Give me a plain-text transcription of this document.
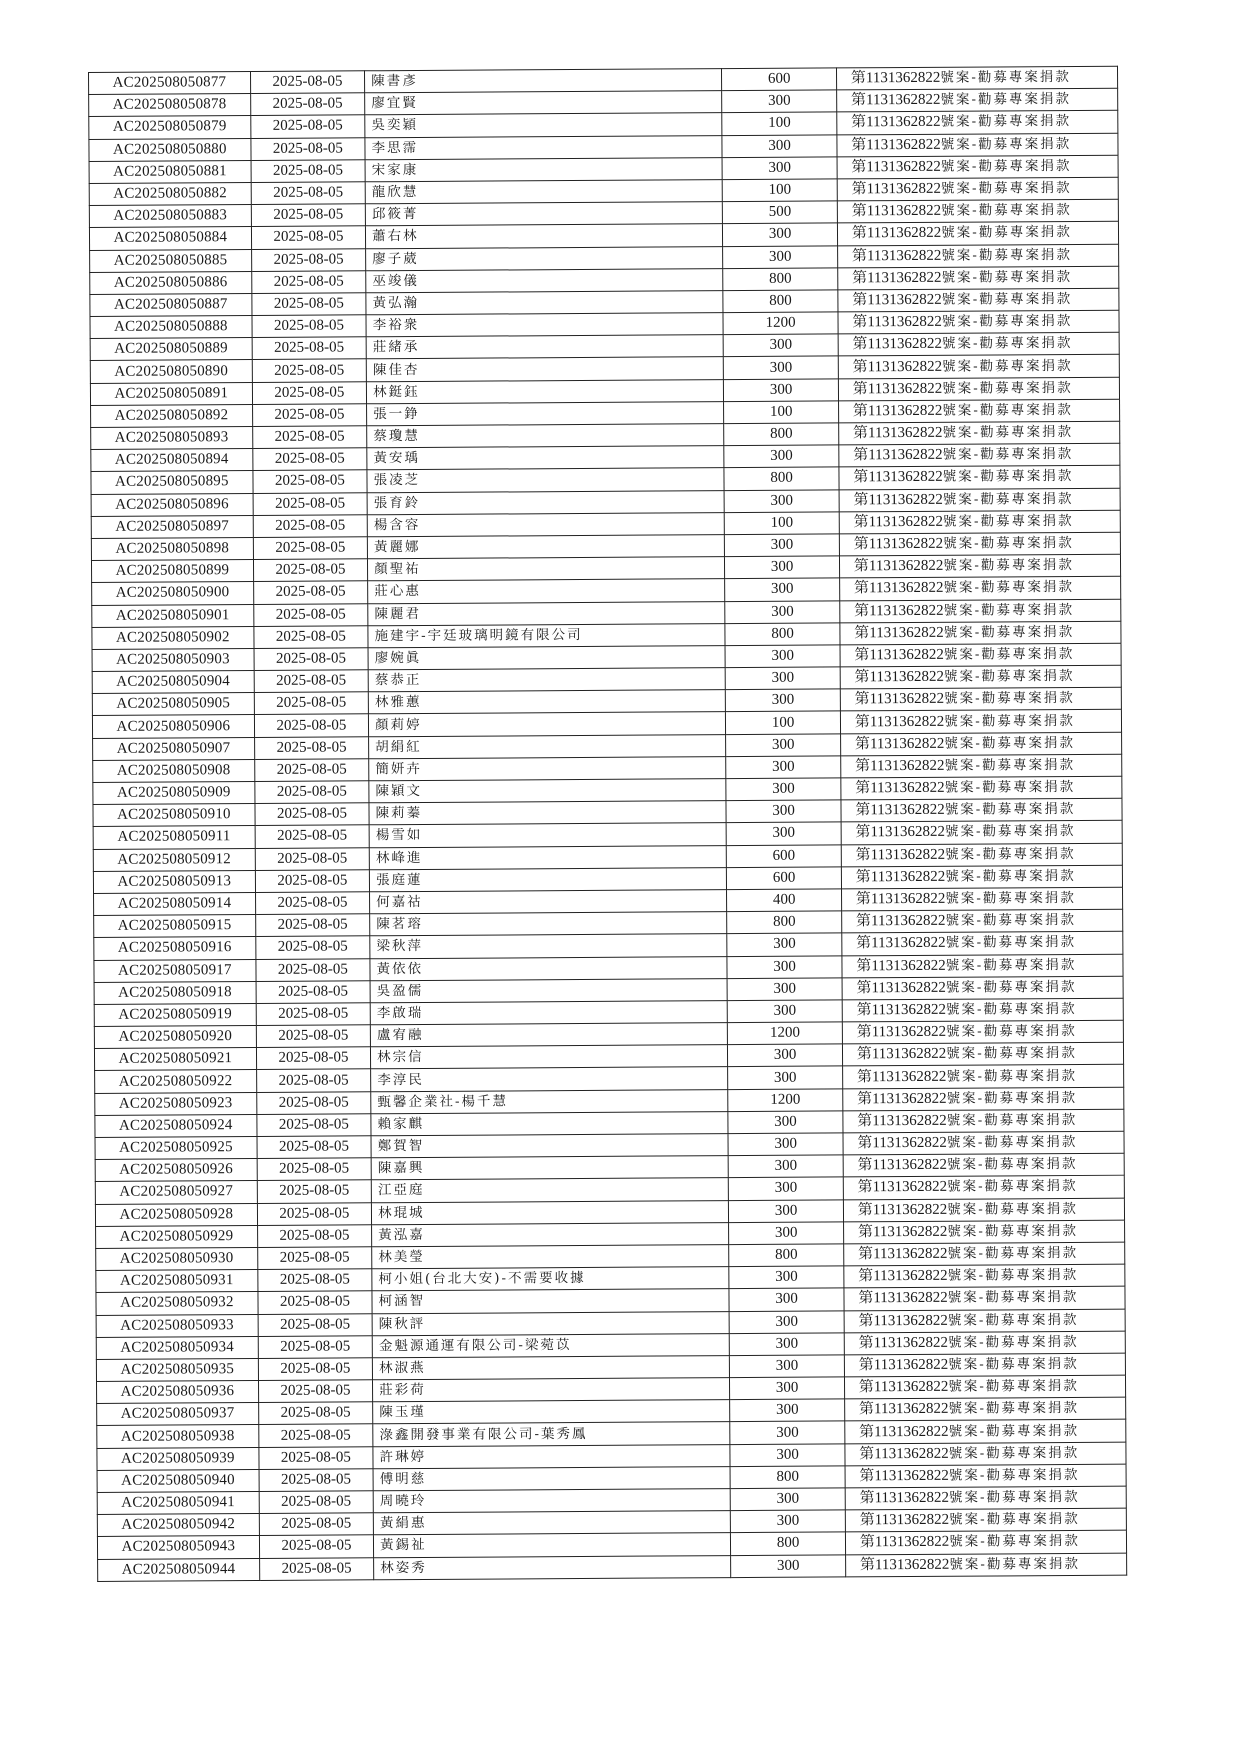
AC202508050877	2025-08-05	陳書彥	600	第1131362822號案-勸募專案捐款
AC202508050878	2025-08-05	廖宜賢	300	第1131362822號案-勸募專案捐款
AC202508050879	2025-08-05	吳奕穎	100	第1131362822號案-勸募專案捐款
AC202508050880	2025-08-05	李思霈	300	第1131362822號案-勸募專案捐款
AC202508050881	2025-08-05	宋家康	300	第1131362822號案-勸募專案捐款
AC202508050882	2025-08-05	龍欣慧	100	第1131362822號案-勸募專案捐款
AC202508050883	2025-08-05	邱筱菁	500	第1131362822號案-勸募專案捐款
AC202508050884	2025-08-05	蕭右林	300	第1131362822號案-勸募專案捐款
AC202508050885	2025-08-05	廖子葳	300	第1131362822號案-勸募專案捐款
AC202508050886	2025-08-05	巫竣儀	800	第1131362822號案-勸募專案捐款
AC202508050887	2025-08-05	黃弘瀚	800	第1131362822號案-勸募專案捐款
AC202508050888	2025-08-05	李裕衆	1200	第1131362822號案-勸募專案捐款
AC202508050889	2025-08-05	莊緒承	300	第1131362822號案-勸募專案捐款
AC202508050890	2025-08-05	陳佳杏	300	第1131362822號案-勸募專案捐款
AC202508050891	2025-08-05	林鋌鈺	300	第1131362822號案-勸募專案捐款
AC202508050892	2025-08-05	張一錚	100	第1131362822號案-勸募專案捐款
AC202508050893	2025-08-05	蔡瓊慧	800	第1131362822號案-勸募專案捐款
AC202508050894	2025-08-05	黃安瑀	300	第1131362822號案-勸募專案捐款
AC202508050895	2025-08-05	張凌芝	800	第1131362822號案-勸募專案捐款
AC202508050896	2025-08-05	張育鈴	300	第1131362822號案-勸募專案捐款
AC202508050897	2025-08-05	楊含容	100	第1131362822號案-勸募專案捐款
AC202508050898	2025-08-05	黃麗娜	300	第1131362822號案-勸募專案捐款
AC202508050899	2025-08-05	顏聖祐	300	第1131362822號案-勸募專案捐款
AC202508050900	2025-08-05	莊心惠	300	第1131362822號案-勸募專案捐款
AC202508050901	2025-08-05	陳麗君	300	第1131362822號案-勸募專案捐款
AC202508050902	2025-08-05	施建宇-宇廷玻璃明鏡有限公司	800	第1131362822號案-勸募專案捐款
AC202508050903	2025-08-05	廖婉眞	300	第1131362822號案-勸募專案捐款
AC202508050904	2025-08-05	蔡恭正	300	第1131362822號案-勸募專案捐款
AC202508050905	2025-08-05	林雅蕙	300	第1131362822號案-勸募專案捐款
AC202508050906	2025-08-05	顏莉婷	100	第1131362822號案-勸募專案捐款
AC202508050907	2025-08-05	胡絹紅	300	第1131362822號案-勸募專案捐款
AC202508050908	2025-08-05	簡妍卉	300	第1131362822號案-勸募專案捐款
AC202508050909	2025-08-05	陳穎文	300	第1131362822號案-勸募專案捐款
AC202508050910	2025-08-05	陳莉蓁	300	第1131362822號案-勸募專案捐款
AC202508050911	2025-08-05	楊雪如	300	第1131362822號案-勸募專案捐款
AC202508050912	2025-08-05	林峰進	600	第1131362822號案-勸募專案捐款
AC202508050913	2025-08-05	張庭蓮	600	第1131362822號案-勸募專案捐款
AC202508050914	2025-08-05	何嘉祜	400	第1131362822號案-勸募專案捐款
AC202508050915	2025-08-05	陳茗瑢	800	第1131362822號案-勸募專案捐款
AC202508050916	2025-08-05	梁秋萍	300	第1131362822號案-勸募專案捐款
AC202508050917	2025-08-05	黃依依	300	第1131362822號案-勸募專案捐款
AC202508050918	2025-08-05	吳盈儒	300	第1131362822號案-勸募專案捐款
AC202508050919	2025-08-05	李啟瑞	300	第1131362822號案-勸募專案捐款
AC202508050920	2025-08-05	盧宥融	1200	第1131362822號案-勸募專案捐款
AC202508050921	2025-08-05	林宗信	300	第1131362822號案-勸募專案捐款
AC202508050922	2025-08-05	李淳民	300	第1131362822號案-勸募專案捐款
AC202508050923	2025-08-05	甄馨企業社-楊千慧	1200	第1131362822號案-勸募專案捐款
AC202508050924	2025-08-05	賴家麒	300	第1131362822號案-勸募專案捐款
AC202508050925	2025-08-05	鄭賀智	300	第1131362822號案-勸募專案捐款
AC202508050926	2025-08-05	陳嘉興	300	第1131362822號案-勸募專案捐款
AC202508050927	2025-08-05	江亞庭	300	第1131362822號案-勸募專案捐款
AC202508050928	2025-08-05	林琨城	300	第1131362822號案-勸募專案捐款
AC202508050929	2025-08-05	黃泓嘉	300	第1131362822號案-勸募專案捐款
AC202508050930	2025-08-05	林美瑩	800	第1131362822號案-勸募專案捐款
AC202508050931	2025-08-05	柯小姐(台北大安)-不需要收據	300	第1131362822號案-勸募專案捐款
AC202508050932	2025-08-05	柯涵智	300	第1131362822號案-勸募專案捐款
AC202508050933	2025-08-05	陳秋評	300	第1131362822號案-勸募專案捐款
AC202508050934	2025-08-05	金魁源通運有限公司-梁菀苡	300	第1131362822號案-勸募專案捐款
AC202508050935	2025-08-05	林淑燕	300	第1131362822號案-勸募專案捐款
AC202508050936	2025-08-05	莊彩荷	300	第1131362822號案-勸募專案捐款
AC202508050937	2025-08-05	陳玉瑾	300	第1131362822號案-勸募專案捐款
AC202508050938	2025-08-05	淥鑫開發事業有限公司-葉秀鳳	300	第1131362822號案-勸募專案捐款
AC202508050939	2025-08-05	許琳婷	300	第1131362822號案-勸募專案捐款
AC202508050940	2025-08-05	傅明慈	800	第1131362822號案-勸募專案捐款
AC202508050941	2025-08-05	周曉玲	300	第1131362822號案-勸募專案捐款
AC202508050942	2025-08-05	黃絹惠	300	第1131362822號案-勸募專案捐款
AC202508050943	2025-08-05	黃錫祉	800	第1131362822號案-勸募專案捐款
AC202508050944	2025-08-05	林姿秀	300	第1131362822號案-勸募專案捐款
